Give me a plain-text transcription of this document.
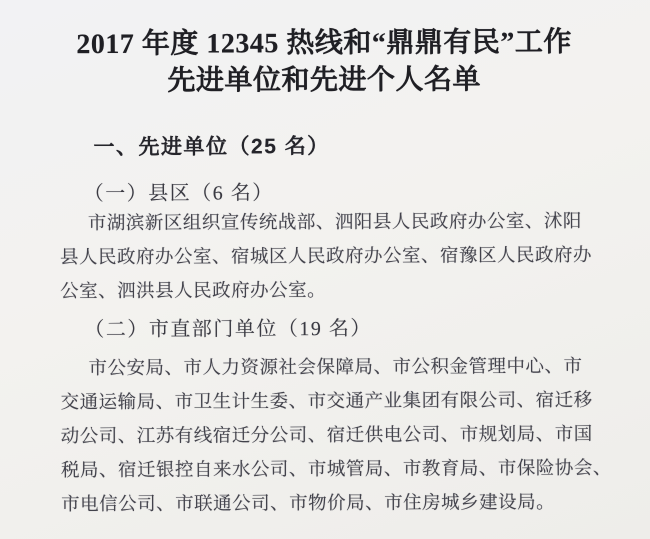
2017 年度 12345 热线和“鼎鼎有民”工作
先进单位和先进个人名单
一、先进单位（25 名）
（一）县区（6 名）

市湖滨新区组织宣传统战部、泗阳县人民政府办公室、沭阳
县人民政府办公室、宿城区人民政府办公室、宿豫区人民政府办
公室、泗洪县人民政府办公室。

（二）市直部门单位（19 名）

市公安局、市人力资源社会保障局、市公积金管理中心、市
交通运输局、市卫生计生委、市交通产业集团有限公司、宿迁移
动公司、江苏有线宿迁分公司、宿迁供电公司、市规划局、市国
税局、宿迁银控自来水公司、市城管局、市教育局、市保险协会、
市电信公司、市联通公司、市物价局、市住房城乡建设局。
